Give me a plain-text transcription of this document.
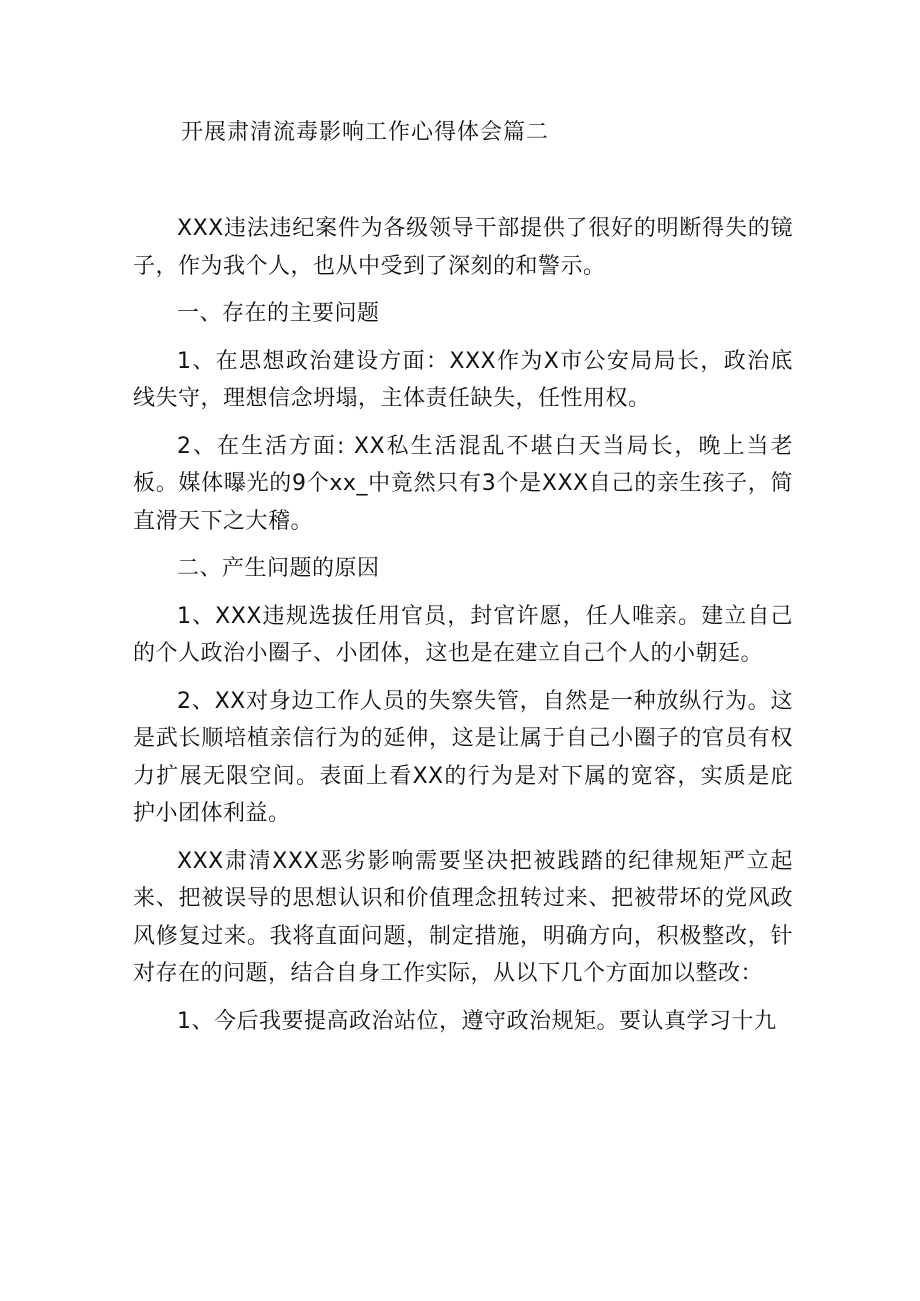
开展肃清流毒影响工作心得体会篇二

XXX违法违纪案件为各级领导干部提供了很好的明断得失的镜子，作为我个人，也从中受到了深刻的和警示。

一、存在的主要问题

1、在思想政治建设方面：XXX作为X市公安局局长，政治底线失守，理想信念坍塌，主体责任缺失，任性用权。

2、在生活方面: XX私生活混乱不堪白天当局长，晚上当老板。媒体曝光的9个xx_中竟然只有3个是XXX自己的亲生孩子，简直滑天下之大稽。

二、产生问题的原因

1、XXX违规选拔任用官员，封官许愿，任人唯亲。建立自己的个人政治小圈子、小团体，这也是在建立自己个人的小朝廷。

2、XX对身边工作人员的失察失管，自然是一种放纵行为。这是武长顺培植亲信行为的延伸，这是让属于自己小圈子的官员有权力扩展无限空间。表面上看XX的行为是对下属的宽容，实质是庇护小团体利益。

XXX肃清XXX恶劣影响需要坚决把被践踏的纪律规矩严立起来、把被误导的思想认识和价值理念扭转过来、把被带坏的党风政风修复过来。我将直面问题，制定措施，明确方向，积极整改，针对存在的问题，结合自身工作实际，从以下几个方面加以整改：

1、今后我要提高政治站位，遵守政治规矩。要认真学习十九
